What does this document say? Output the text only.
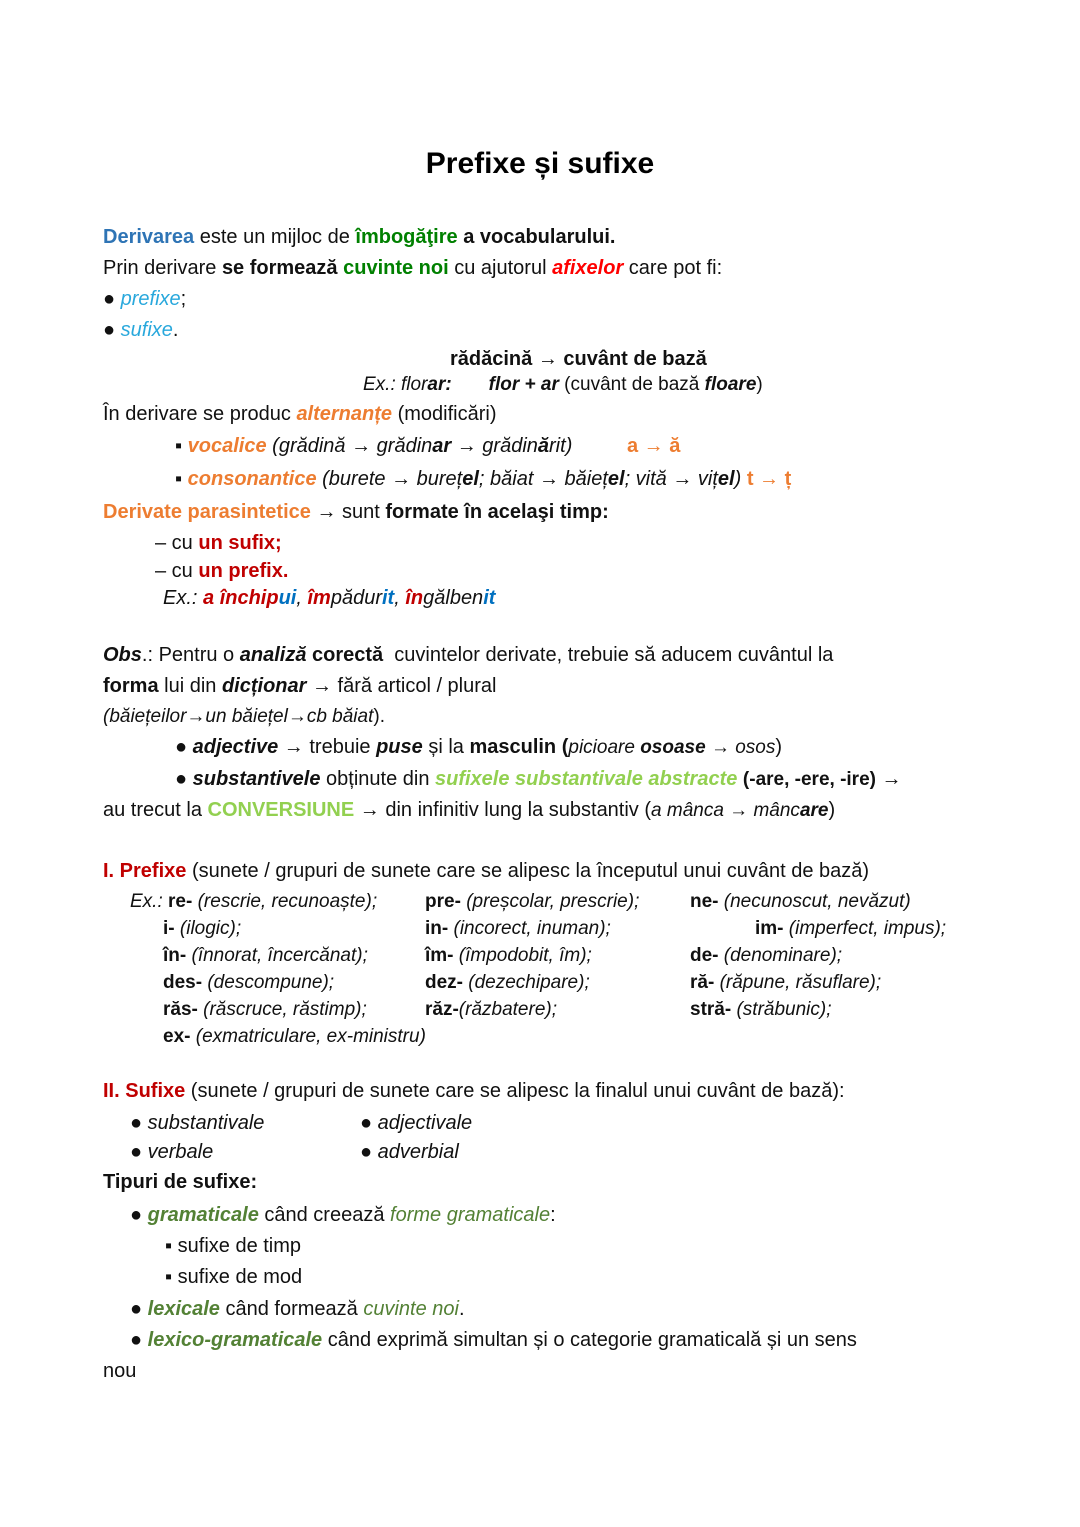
Prefixe și sufixe
Derivarea este un mijloc de îmbogăţire a vocabularului.
Prin derivare se formează cuvinte noi cu ajutorul afixelor care pot fi:
● prefixe;
● sufixe.
rădăcină → cuvânt de bază
Ex.: florar: flor + ar (cuvânt de bază floare)
În derivare se produc alternanțe (modificări)
▪ vocalice (grădină → grădinar → grădinărit)	a → ă
▪ consonantice (burete → burețel; băiat → băiețel; vită → vițel) t → ț
Derivate parasintetice → sunt formate în acelaşi timp:
– cu un sufix;
– cu un prefix.
Ex.: a închipui, împădurit, îngălbenit
Obs.: Pentru o analiză corectă  cuvintelor derivate, trebuie să aducem cuvântul la
forma lui din dicționar → fără articol / plural
(băiețeilor→un băiețel→cb băiat).
● adjective → trebuie puse și la masculin (picioare osoase → osos)
● substantivele obținute din sufixele substantivale abstracte (-are, -ere, -ire) →
au trecut la CONVERSIUNE → din infinitiv lung la substantiv (a mânca → mâncare)
I. Prefixe (sunete / grupuri de sunete care se alipesc la începutul unui cuvânt de bază)
Ex.: re- (rescrie, recunoaște);	pre- (preșcolar, prescrie);	ne- (necunoscut, nevăzut)
i- (ilogic);	in- (incorect, inuman);	im- (imperfect, impus);
în- (înnorat, încercănat);	îm- (împodobit, îm);	de- (denominare);
des- (descompune);	dez- (dezechipare);	ră- (răpune, răsuflare);
răs- (răscruce, răstimp);	răz-(răzbatere);	stră- (străbunic);
ex- (exmatriculare, ex-ministru)
II. Sufixe (sunete / grupuri de sunete care se alipesc la finalul unui cuvânt de bază):
● substantivale	● adjectivale
● verbale	● adverbial
Tipuri de sufixe:
● gramaticale când creează forme gramaticale:
▪ sufixe de timp
▪ sufixe de mod
● lexicale când formează cuvinte noi.
● lexico-gramaticale când exprimă simultan și o categorie gramaticală și un sens
nou
